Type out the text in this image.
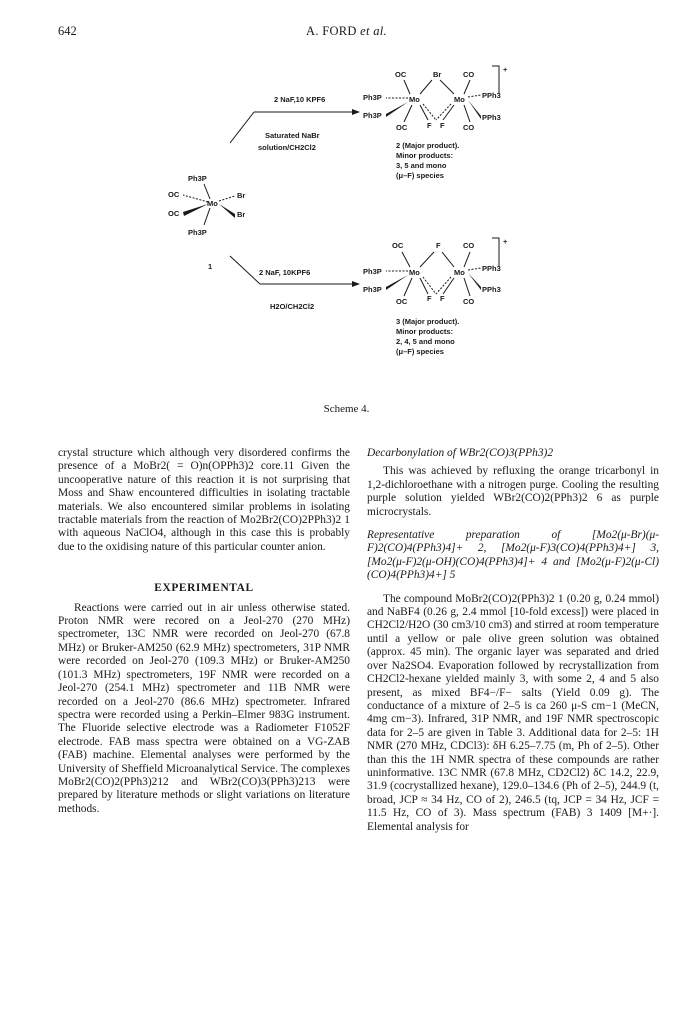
642	A. FORD et al.
Ph3P
OC
Mo
Br
OC	Br
Ph3P
1
2 NaF,10 KPF6
Saturated NaBr
solution/CH2Cl2
2 NaF, 10KPF6
H2O/CH2Cl2
OC	Br	CO
Ph3P	Mo	Mo PPh3
Ph3P	PPh3
OC	F F CO
+
2 (Major product).
Minor products:
3, 5 and mono
(μ–F) species
OC	F	CO
Ph3P	Mo	Mo PPh3
Ph3P	PPh3
OC	F F CO
+
3 (Major product).
Minor products:
2, 4, 5 and mono
(μ–F) species
Scheme 4.

crystal structure which although very disordered confirms the presence of a MoBr2( = O)n(OPPh3)2 core.11 Given the uncooperative nature of this reaction it is not surprising that Moss and Shaw encountered difficulties in isolating tractable materials. We also encountered similar problems in isolating tractable materials from the reaction of Mo2Br2(CO)2PPh3)2 1 with aqueous NaClO4, although in this case this is probably due to the oxidising nature of this particular counter anion.

EXPERIMENTAL

Reactions were carried out in air unless otherwise stated. Proton NMR were recored on a Jeol-270 (270 MHz) spectrometer, 13C NMR were recorded on Jeol-270 (67.8 MHz) or Bruker-AM250 (62.9 MHz) spectrometers, 31P NMR were recorded on Jeol-270 (109.3 MHz) or Bruker-AM250 (101.3 MHz) spectrometers, 19F NMR were recorded on a Jeol-270 (254.1 MHz) spectrometer and 11B NMR were recorded on a Jeol-270 (86.6 MHz) spectrometer. Infrared spectra were recorded using a Perkin–Elmer 983G instrument. The Fluoride selective electrode was a Radiometer F1052F electrode. FAB mass spectra were obtained on a VG-ZAB (FAB) machine. Elemental analyses were performed by the University of Sheffield Microanalytical Service. The complexes MoBr2(CO)2(PPh3)212 and WBr2(CO)3(PPh3)213 were prepared by literature methods or slight variations on literature methods.

Decarbonylation of WBr2(CO)3(PPh3)2

This was achieved by refluxing the orange tricarbonyl in 1,2-dichloroethane with a nitrogen purge. Cooling the resulting purple solution yielded WBr2(CO)2(PPh3)2 6 as purple microcrystals.

Representative preparation of [Mo2(μ-Br)(μ-F)2(CO)4(PPh3)4]+ 2, [Mo2(μ-F)3(CO)4(PPh3)4+] 3, [Mo2(μ-F)2(μ-OH)(CO)4(PPh3)4]+ 4 and [Mo2(μ-F)2(μ-Cl)(CO)4(PPh3)4+] 5

The compound MoBr2(CO)2(PPh3)2 1 (0.20 g, 0.24 mmol) and NaBF4 (0.26 g, 2.4 mmol [10-fold excess]) were placed in CH2Cl2/H2O (30 cm3/10 cm3) and stirred at room temperature until a yellow or pale olive green solution was obtained (approx. 45 min). The organic layer was separated and dried over Na2SO4. Evaporation followed by recrystallization from CH2Cl2-hexane yielded mainly 3, with some 2, 4 and 5 also present, as mixed BF4−/F− salts (Yield 0.09 g). The conductance of a mixture of 2–5 is ca 260 μ-S cm−1 (MeCN, 4mg cm−3). Infrared, 31P NMR, and 19F NMR spectroscopic data for 2–5 are given in Table 3. Additional data for 2–5: 1H NMR (270 MHz, CDCl3): δH 6.25–7.75 (m, Ph of 2–5). Other than this the 1H NMR spectra of these compounds are rather uninformative. 13C NMR (67.8 MHz, CD2Cl2) δC 14.2, 22.9, 31.9 (cocrystallized hexane), 129.0–134.6 (Ph of 2–5), 244.9 (t, broad, JCP ≈ 34 Hz, CO of 2), 246.5 (tq, JCP = 34 Hz, JCF = 11.5 Hz, CO of 3). Mass spectrum (FAB) 3 1409 [M+·]. Elemental analysis for
